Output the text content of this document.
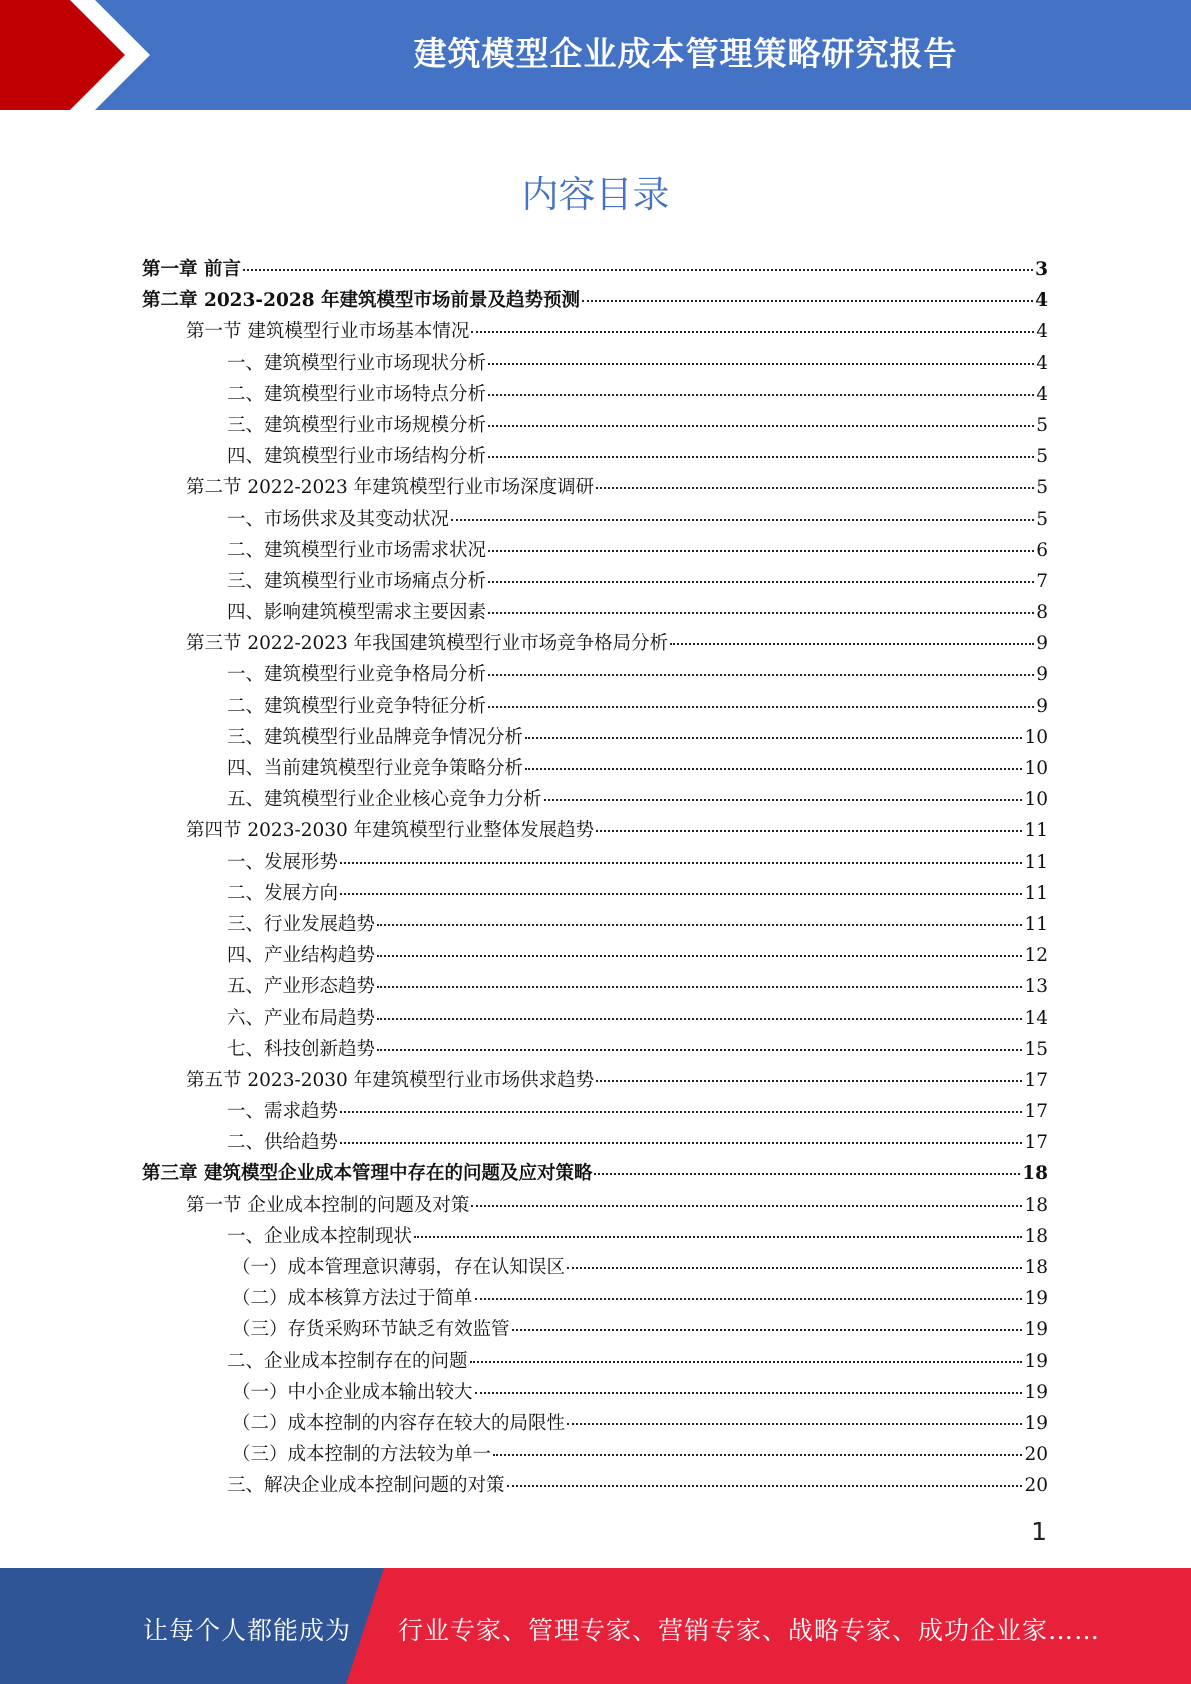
建筑模型企业成本管理策略研究报告
内容目录
第一章 前言	3
第二章 2023-2028 年建筑模型市场前景及趋势预测	4
第一节 建筑模型行业市场基本情况	4
一、建筑模型行业市场现状分析	4
二、建筑模型行业市场特点分析	4
三、建筑模型行业市场规模分析	5
四、建筑模型行业市场结构分析	5
第二节 2022-2023 年建筑模型行业市场深度调研	5
一、市场供求及其变动状况	5
二、建筑模型行业市场需求状况	6
三、建筑模型行业市场痛点分析	7
四、影响建筑模型需求主要因素	8
第三节 2022-2023 年我国建筑模型行业市场竞争格局分析	9
一、建筑模型行业竞争格局分析	9
二、建筑模型行业竞争特征分析	9
三、建筑模型行业品牌竞争情况分析	10
四、当前建筑模型行业竞争策略分析	10
五、建筑模型行业企业核心竞争力分析	10
第四节 2023-2030 年建筑模型行业整体发展趋势	11
一、发展形势	11
二、发展方向	11
三、行业发展趋势	11
四、产业结构趋势	12
五、产业形态趋势	13
六、产业布局趋势	14
七、科技创新趋势	15
第五节 2023-2030 年建筑模型行业市场供求趋势	17
一、需求趋势	17
二、供给趋势	17
第三章 建筑模型企业成本管理中存在的问题及应对策略	18
第一节 企业成本控制的问题及对策	18
一、企业成本控制现状	18
（一）成本管理意识薄弱，存在认知误区	18
（二）成本核算方法过于简单	19
（三）存货采购环节缺乏有效监管	19
二、企业成本控制存在的问题	19
（一）中小企业成本输出较大	19
（二）成本控制的内容存在较大的局限性	19
（三）成本控制的方法较为单一	20
三、解决企业成本控制问题的对策	20
1
让每个人都能成为 行业专家、管理专家、营销专家、战略专家、成功企业家……
